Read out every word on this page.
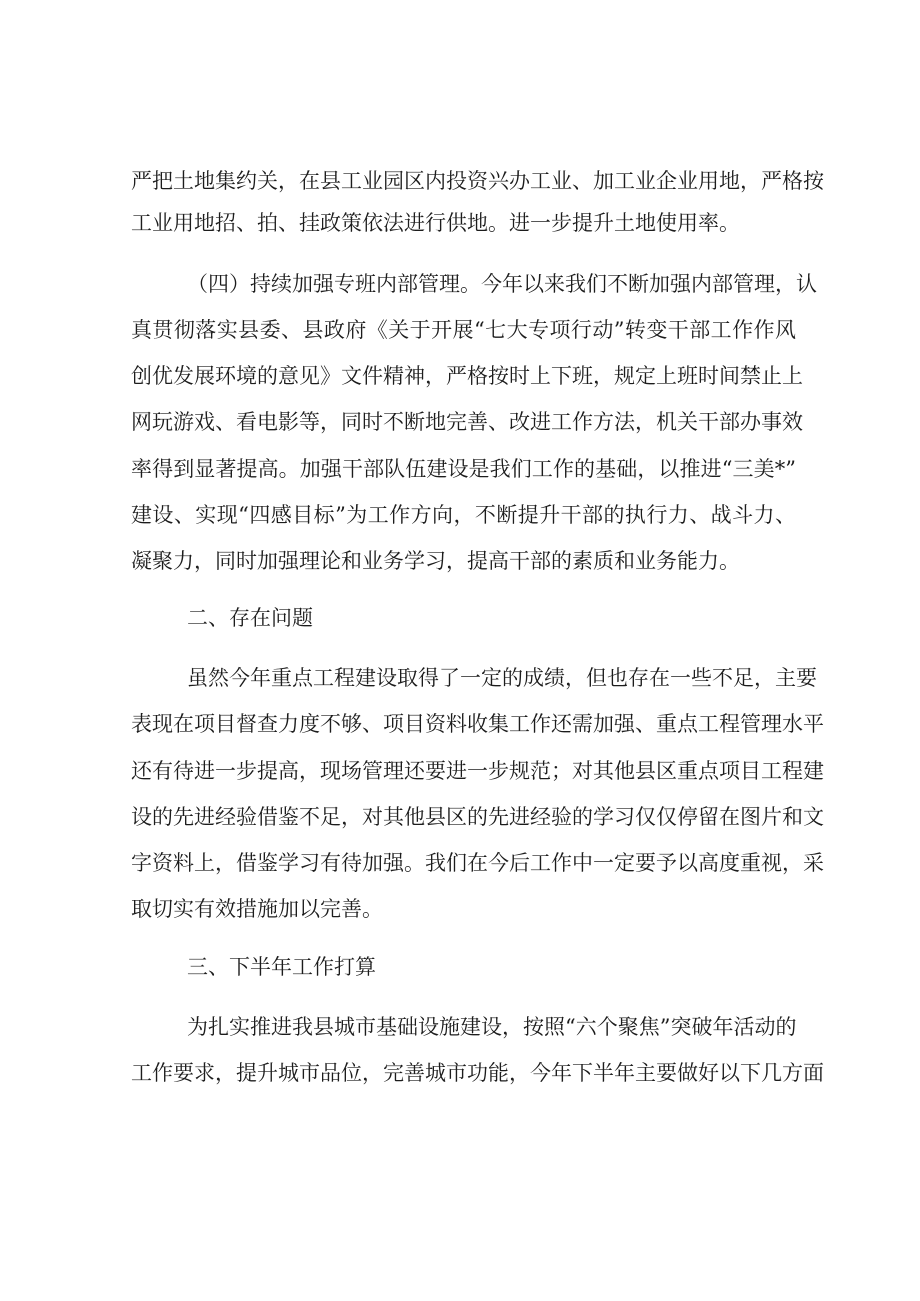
严把土地集约关，在县工业园区内投资兴办工业、加工业企业用地，严格按
工业用地招、拍、挂政策依法进行供地。进一步提升土地使用率。
（四）持续加强专班内部管理。今年以来我们不断加强内部管理，认
真贯彻落实县委、县政府《关于开展“七大专项行动”转变干部工作作风
创优发展环境的意见》文件精神，严格按时上下班，规定上班时间禁止上
网玩游戏、看电影等，同时不断地完善、改进工作方法，机关干部办事效
率得到显著提高。加强干部队伍建设是我们工作的基础，以推进“三美*”
建设、实现“四感目标”为工作方向，不断提升干部的执行力、战斗力、
凝聚力，同时加强理论和业务学习，提高干部的素质和业务能力。
二、存在问题
虽然今年重点工程建设取得了一定的成绩，但也存在一些不足，主要
表现在项目督查力度不够、项目资料收集工作还需加强、重点工程管理水平
还有待进一步提高，现场管理还要进一步规范；对其他县区重点项目工程建
设的先进经验借鉴不足，对其他县区的先进经验的学习仅仅停留在图片和文
字资料上，借鉴学习有待加强。我们在今后工作中一定要予以高度重视，采
取切实有效措施加以完善。
三、下半年工作打算
为扎实推进我县城市基础设施建设，按照“六个聚焦”突破年活动的
工作要求，提升城市品位，完善城市功能，今年下半年主要做好以下几方面
